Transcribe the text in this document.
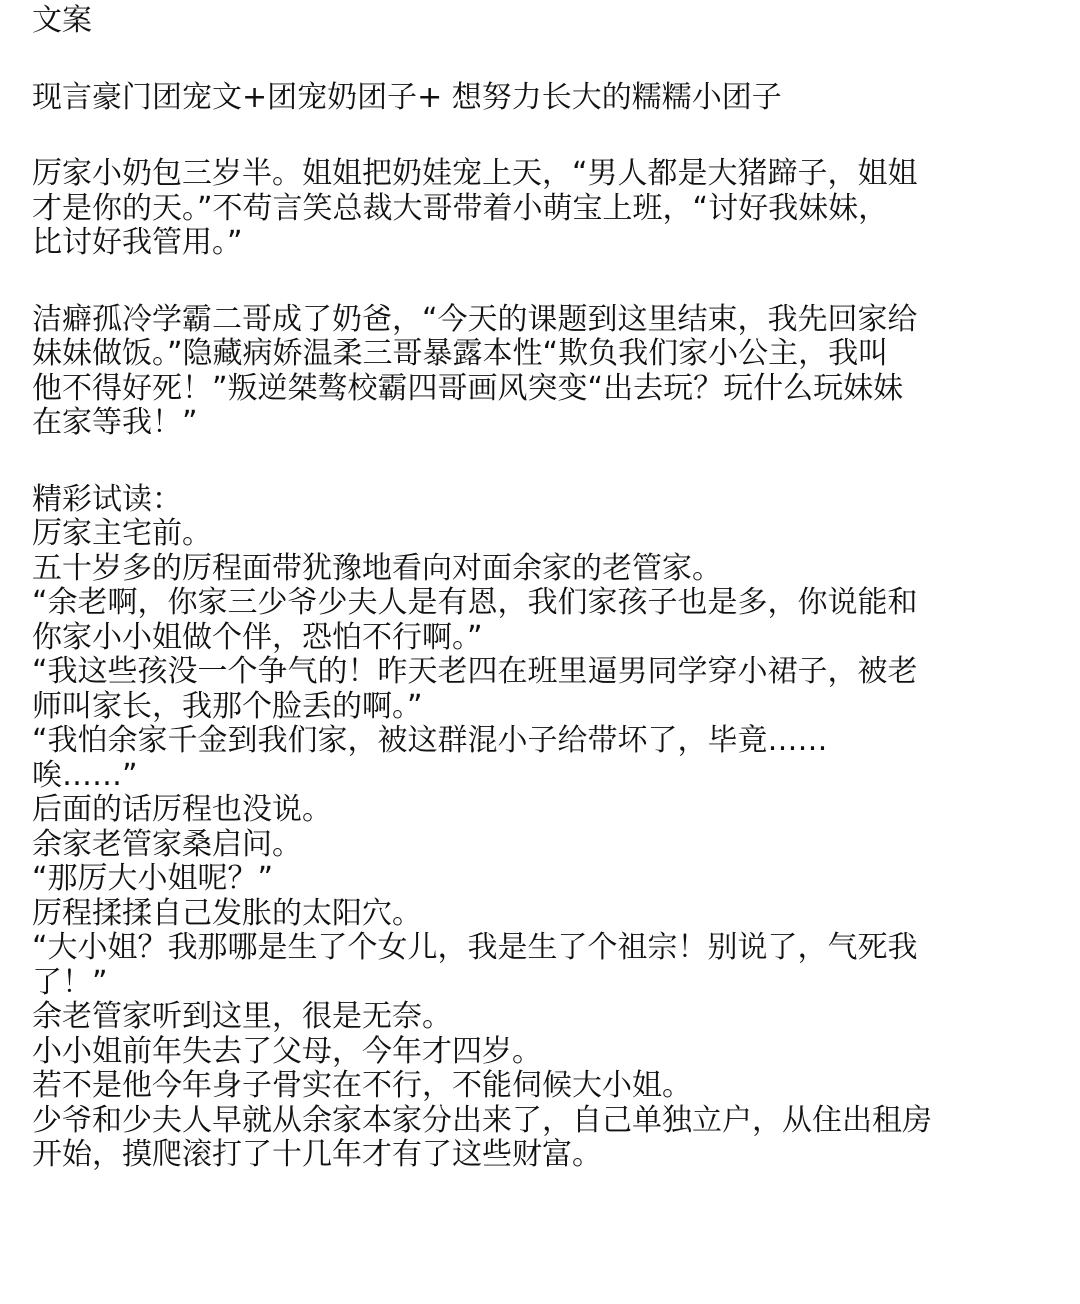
文案

现言豪门团宠文+团宠奶团子+ 想努力长大的糯糯小团子

厉家小奶包三岁半。姐姐把奶娃宠上天，“男人都是大猪蹄子，姐姐

才是你的天。”不苟言笑总裁大哥带着小萌宝上班，“讨好我妹妹，

比讨好我管用。”

洁癖孤冷学霸二哥成了奶爸，“今天的课题到这里结束，我先回家给

妹妹做饭。”隐藏病娇温柔三哥暴露本性“欺负我们家小公主，我叫

他不得好死！”叛逆桀骜校霸四哥画风突变“出去玩？玩什么玩妹妹

在家等我！”

精彩试读：

厉家主宅前。

五十岁多的厉程面带犹豫地看向对面余家的老管家。

“余老啊，你家三少爷少夫人是有恩，我们家孩子也是多，你说能和

你家小小姐做个伴，恐怕不行啊。”

“我这些孩没一个争气的！昨天老四在班里逼男同学穿小裙子，被老

师叫家长，我那个脸丢的啊。”

“我怕余家千金到我们家，被这群混小子给带坏了，毕竟……

唉……”

后面的话厉程也没说。

余家老管家桑启问。

“那厉大小姐呢？”

厉程揉揉自己发胀的太阳穴。

“大小姐？我那哪是生了个女儿，我是生了个祖宗！别说了，气死我

了！”

余老管家听到这里，很是无奈。

小小姐前年失去了父母，今年才四岁。

若不是他今年身子骨实在不行，不能伺候大小姐。

少爷和少夫人早就从余家本家分出来了，自己单独立户，从住出租房

开始，摸爬滚打了十几年才有了这些财富。
